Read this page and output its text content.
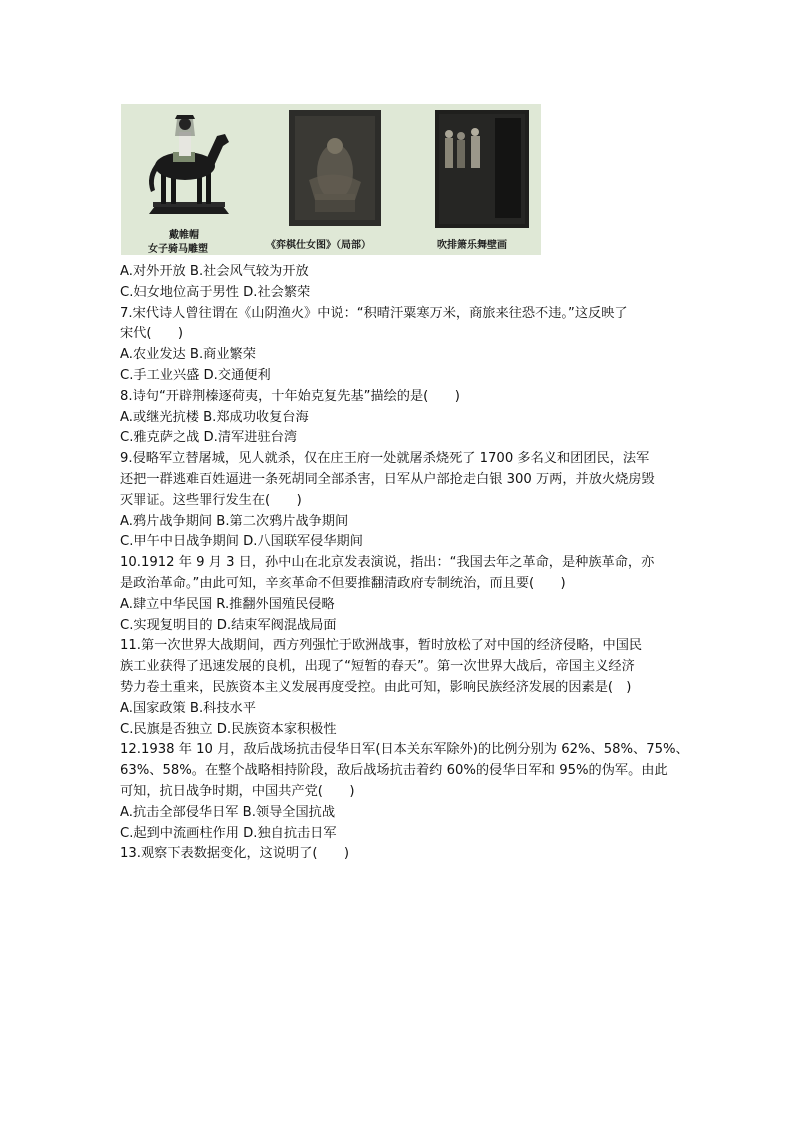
戴帷帽
女子骑马雕塑	《弈棋仕女图》（局部）	吹排箫乐舞壁画
A.对外开放 B.社会风气较为开放
C.妇女地位高于男性 D.社会繁荣
7.宋代诗人曾往谓在《山阴渔火》中说：“积晴汗粟寒万米，商旅来往恐不违。”这反映了
宋代(　　)
A.农业发达 B.商业繁荣
C.手工业兴盛 D.交通便利
8.诗句“开辟荆榛逐荷夷，十年始克复先基”描绘的是(　　)
A.或继光抗楼 B.郑成功收复台海
C.雅克萨之战 D.清军进驻台湾
9.侵略军立替屠城，见人就杀，仅在庄王府一处就屠杀烧死了 1700 多名义和团团民，法军
还把一群逃难百姓逼进一条死胡同全部杀害，日军从户部抢走白银 300 万两，并放火烧房毁
灭罪证。这些罪行发生在(　　)
A.鸦片战争期间 B.第二次鸦片战争期间
C.甲午中日战争期间 D.八国联军侵华期间
10.1912 年 9 月 3 日，孙中山在北京发表演说，指出：“我国去年之革命，是种族革命，亦
是政治革命。”由此可知，辛亥革命不但要推翻清政府专制统治，而且要(　　)
A.肆立中华民国 R.推翻外国殖民侵略
C.实现复明目的 D.结束军阀混战局面
11.第一次世界大战期间，西方列强忙于欧洲战事，暂时放松了对中国的经济侵略，中国民
族工业获得了迅速发展的良机，出现了“短暂的春天”。第一次世界大战后，帝国主义经济
势力卷土重来，民族资本主义发展再度受控。由此可知，影响民族经济发展的因素是(　)
A.国家政策 B.科技水平
C.民旗是否独立 D.民族资本家积极性
12.1938 年 10 月，敌后战场抗击侵华日军(日本关东军除外)的比例分别为 62%、58%、75%、
63%、58%。在整个战略相持阶段，敌后战场抗击着约 60%的侵华日军和 95%的伪军。由此
可知，抗日战争时期，中国共产党(　　)
A.抗击全部侵华日军 B.领导全国抗战
C.起到中流画柱作用 D.独自抗击日军
13.观察下表数据变化，这说明了(　　)
